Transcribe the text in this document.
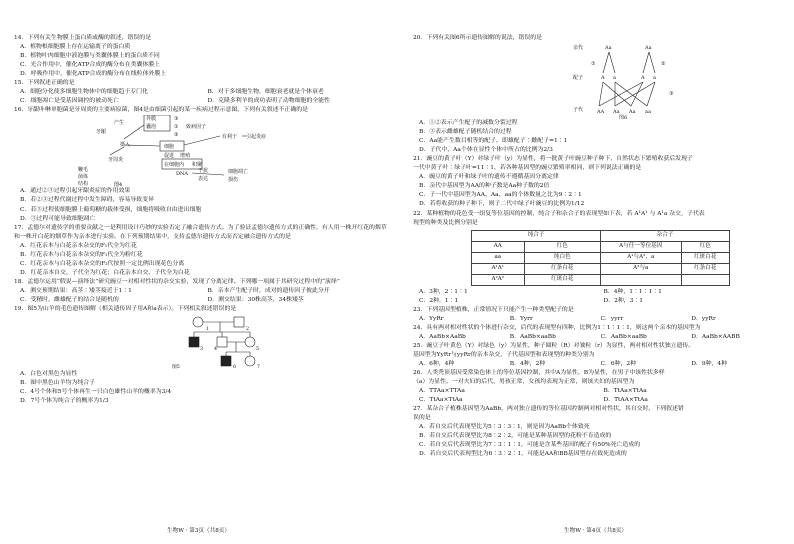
14．下列有关生物膜上蛋白质或酶的叙述，错误的是

A．植物根细胞膜上存在运输离子的蛋白质

B．植物叶肉细胞中液泡膜与类囊体膜上的蛋白质不同

C．光合作用中，催化ATP合成的酶分布在类囊体膜上

D．呼吸作用中，催化ATP合成的酶分布在线粒体外膜上

15．下列叙述正确的是

A．细胞分化使多细胞生物体中的细胞趋于专门化	B．对于多细胞生物，细胞衰老就是个体衰老

C．细胞凋亡是受基因调控的被动死亡	D．克隆多利羊的成功表明了动物细胞的全能性

16．牙龈卟啉单胞菌是牙周炎的主要病原菌，图4是由细菌引起的某一疾病过程示意图。下列有关叙述不正确的是

牙龈
产生
摄入
外膜
囊泡
③
①
②
致病因子
细胞
引起炎症
有利于
促进 增殖
在细胞内 积聚
DNA 干扰
表达
细胞凋亡
损伤
牙周炎
鞭毛
菌体
结构	图4

A．通过②③过程引起牙龈炎症的作用效果

B．若②③过程代谢过程中发生障碍，容易导致变异

C．若③过程使细胞膜上葡萄糖的载体受损，细胞将吸收自由进出细胞

D．③过程可能导致细胞凋亡

17．孟德尔对遗传学的重要贡献之一是利用设计巧妙的实验否定了融合遗传方式。为了验证孟德尔遗传方式的正确性，有人用一株开红花的烟草和一株开白花的烟草作为亲本进行实验。在下列预期结果中，支持孟德尔遗传方式而否定融合遗传方式的是

A．红花亲本与白花亲本杂交的F₁代全为红花

B．红花亲本与白花亲本杂交的F₁代全为粉红花

C．红花亲本与白花亲本杂交的F₂代按照一定比例出现花色分离

D．红花亲本自交，子代全为红花；白花亲本自交，子代全为白花

18．孟德尔运用“假说—演绎法”研究豌豆一对相对性状的杂交实验，发现了分离定律。下列哪一项属于其研究过程中的“演绎”

A．测交预期结果：高茎∶矮茎接近于1∶1	B．亲本产生配子时，成对的遗传因子彼此分开

C．受精时，雌雄配子的结合是随机的	D．测交结果：30株高茎，34株矮茎

19．图5为山羊的毛色遗传图解（相关遗传因子用A和a表示）。下列相关叙述错误的是

1	2
3 4	5
6	7
图5

A．白色对黑色为显性

B．图中黑色山羊均为纯合子

C．4号个体和5号个体再生一只白色雄性山羊的概率为3/4

D．7号个体为纯合子的概率为1/3

生物W · 第3页（共8页）

20．下列有关图6所示遗传图解的说法，错误的是

亲代
配子
子代
Aa	Aa
A a	A a
AA Aa Aa aa
①	②
③
图6

A．①②表示产生配子的减数分裂过程

B．③表示雌雄配子随机结合的过程

C．Aa能产生数目相等的配子，即雄配子∶雌配子=1∶1

D．子代中，Aa个体在显性个体中所占的比例为2/3

21．豌豆的黄子叶（Y）对绿子叶（y）为显性，将一批黄子叶豌豆种子种下，自然状态下繁殖收获后发现子

一代中黄子叶∶绿子叶=11∶1，若各种基因型的豌豆繁殖率相同，则下列说法正确的是

A．豌豆的黄子叶和绿子叶的遗传不遵循基因分离定律

B．亲代中基因型为AA的种子数是Aa种子数的2倍

C．子一代中基因型为AA、Aa、aa的个体数量之比为9∶2∶1

D．若将收获的种子种下，则子二代中绿子叶豌豆的比例为1/12

22．某种植物的花色受一组复等位基因的控制，纯合子和杂合子的表现型如下表，若 A¹A¹ 与 A¹a 杂交，子代表

现型的种类及比例分别是

纯合子		杂合子	
AA	红色	A与任一等位基因	红色
aa	纯白色	A¹与A²、a	红斑白花
A¹A¹	红条白花	A²与a	红条白花
A²A²	红斑白花		

A．3种，2∶1∶1	B．4种，1∶1∶1∶1

C．2种，1∶1	D．2种，3∶1

23．下列基因型植株，正常情况下只能产生一种类型配子的是

A．YyRr	B．Yyrr	C．yyrr	D．yyRr

24．具有两对相对性状的个体进行杂交，后代的表现型有四种，比例为1∶1∶1∶1，则这两个亲本的基因型为

A．AaBb×AaBb	B．AaBb×aaBb	C．AaBb×aaBb	D．AaBb×AABB

25．豌豆子叶黄色（Y）对绿色（y）为显性，种子圆粒（R）对皱粒（r）为显性，两对相对性状独立遗传。

基因型为YyRr与yyRr的亲本杂交，子代基因型和表现型的种类分别为

A．6种，4种	B．4种，2种	C．6种，2种	D．9种，4种

26．人类秃顶基因受常染色体上的等位基因控制，其中A为显性，B为显性，在男子中该性状多样

（a）为显性。一对夫妇的后代，男孩正常，女孩均表现为正常，则该夫妇的基因型为

A．TTAa×TTAa	B．TtAa×TtAa

C．TtAa×TtAa	D．TtAA×TtAa

27．某杂合子植株基因型为AaBb，两对独立遗传的等位基因控制两对相对性状，其自交时，下列叙述错

误的是

A．若自交后代表现型比为5∶3∶3∶1，则是因为AaBb个体致死

B．若自交后代表现型比为8∶2∶2，可能是某种基因型的花粉不育造成的

C．若自交后代表现型比为7∶3∶1∶1，可能是含某些基因的配子有50%死亡造成的

D．若自交后代表现型比为6∶3∶2∶1，可能是AA和BB基因型存在致死造成的

生物W · 第4页（共8页）
